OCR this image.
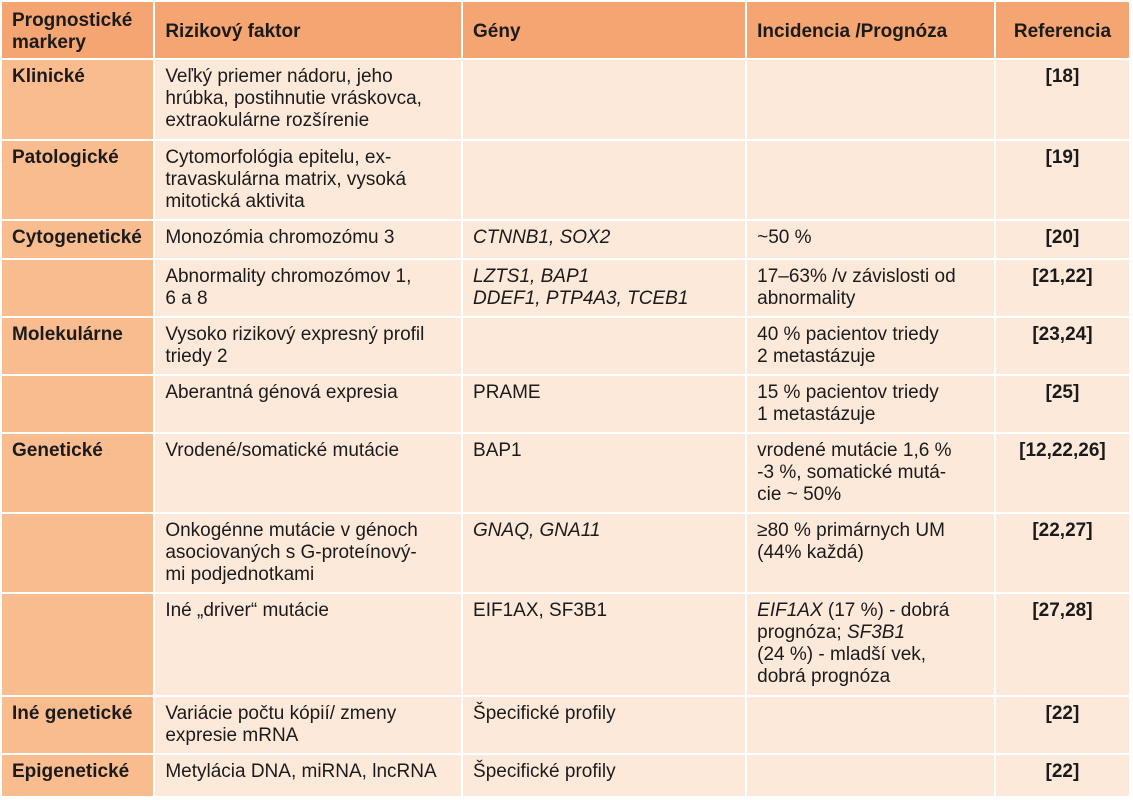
Prognostické
markery	Rizikový faktor	Gény	Incidencia /Prognóza	Referencia
Klinické	Veľký priemer nádoru, jeho
hrúbka, postihnutie vráskovca,
extraokulárne rozšírenie			[18]
Patologické	Cytomorfológia epitelu, ex-
travaskulárna matrix, vysoká
mitotická aktivita			[19]
Cytogenetické	Monozómia chromozómu 3	CTNNB1, SOX2	~50 %	[20]
	Abnormality chromozómov 1,
6 a 8	LZTS1, BAP1
DDEF1, PTP4A3, TCEB1	17–63% /v závislosti od
abnormality	[21,22]
Molekulárne	Vysoko rizikový expresný profil
triedy 2		40 % pacientov triedy
2 metastázuje	[23,24]
	Aberantná génová expresia	PRAME	15 % pacientov triedy
1 metastázuje	[25]
Genetické	Vrodené/somatické mutácie	BAP1	vrodené mutácie 1,6 %
-3 %, somatické mutá-
cie ~ 50%	[12,22,26]
	Onkogénne mutácie v génoch
asociovaných s G-proteínový-
mi podjednotkami	GNAQ, GNA11	≥80 % primárnych UM
(44% každá)	[22,27]
	Iné „driver“ mutácie	EIF1AX, SF3B1	EIF1AX (17 %) - dobrá
prognóza; SF3B1
(24 %) - mladší vek,
dobrá prognóza	[27,28]
Iné genetické	Variácie počtu kópií/ zmeny
expresie mRNA	Špecifické profily		[22]
Epigenetické	Metylácia DNA, miRNA, lncRNA	Špecifické profily		[22]
